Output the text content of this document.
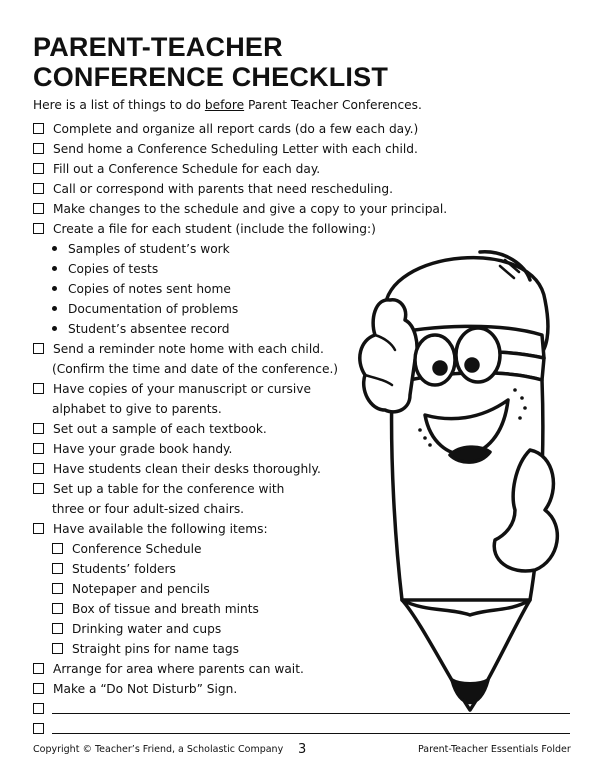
PARENT-TEACHER CONFERENCE CHECKLIST
Here is a list of things to do before Parent Teacher Conferences.
Complete and organize all report cards (do a few each day.)
Send home a Conference Scheduling Letter with each child.
Fill out a Conference Schedule for each day.
Call or correspond with parents that need rescheduling.
Make changes to the schedule and give a copy to your principal.
Create a file for each student (include the following:)
Samples of student’s work
Copies of tests
Copies of notes sent home
Documentation of problems
Student’s absentee record
Send a reminder note home with each child.
(Confirm the time and date of the conference.)
Have copies of your manuscript or cursive
alphabet to give to parents.
Set out a sample of each textbook.
Have your grade book handy.
Have students clean their desks thoroughly.
Set up a table for the conference with
three or four adult-sized chairs.
Have available the following items:
Conference Schedule
Students’ folders
Notepaper and pencils
Box of tissue and breath mints
Drinking water and cups
Straight pins for name tags
Arrange for area where parents can wait.
Make a “Do Not Disturb” Sign.
Copyright © Teacher’s Friend, a Scholastic Company 3	Parent-Teacher Essentials Folder
